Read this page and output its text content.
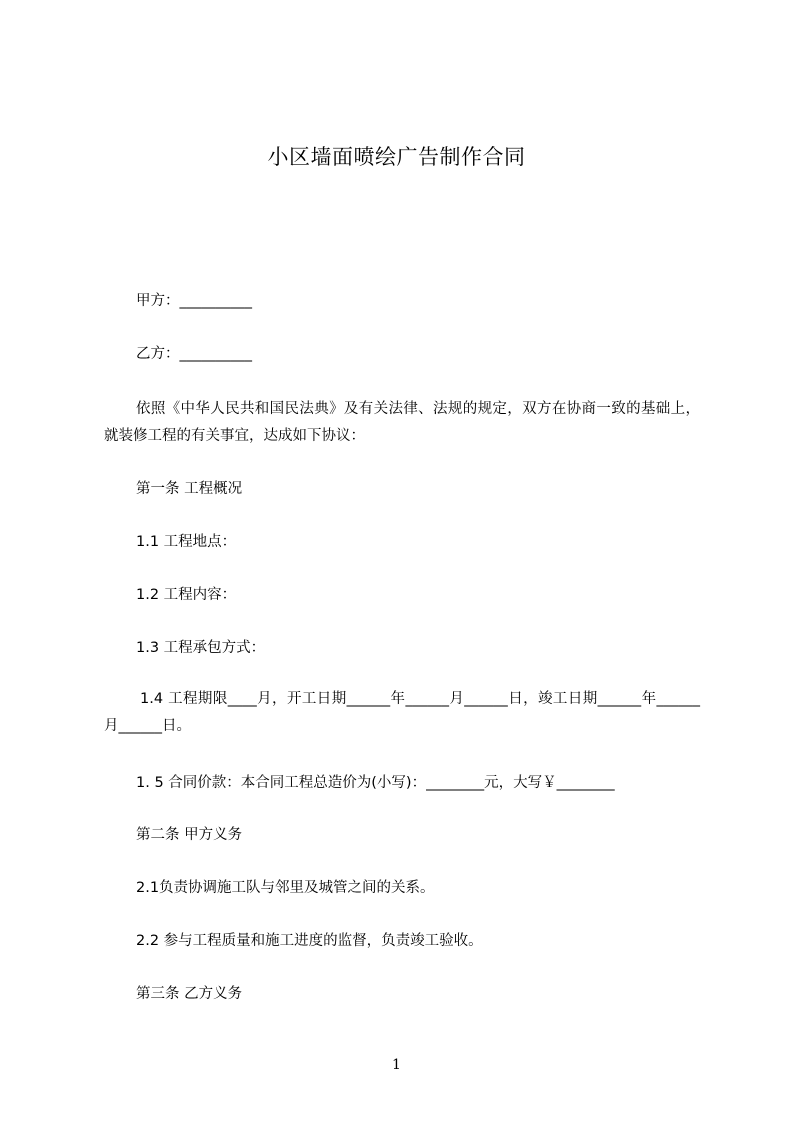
小区墙面喷绘广告制作合同
甲方：__________
乙方：__________
依照《中华人民共和国民法典》及有关法律、法规的规定，双方在协商一致的基础上，就装修工程的有关事宜，达成如下协议：
第一条 工程概况
1.1 工程地点：
1.2 工程内容：
1.3 工程承包方式：
1.4 工程期限____月，开工日期______年______月______日，竣工日期______年______月______日。
1. 5 合同价款：本合同工程总造价为(小写)：________元，大写￥________
第二条 甲方义务
2.1负责协调施工队与邻里及城管之间的关系。
2.2 参与工程质量和施工进度的监督，负责竣工验收。
第三条 乙方义务
1
